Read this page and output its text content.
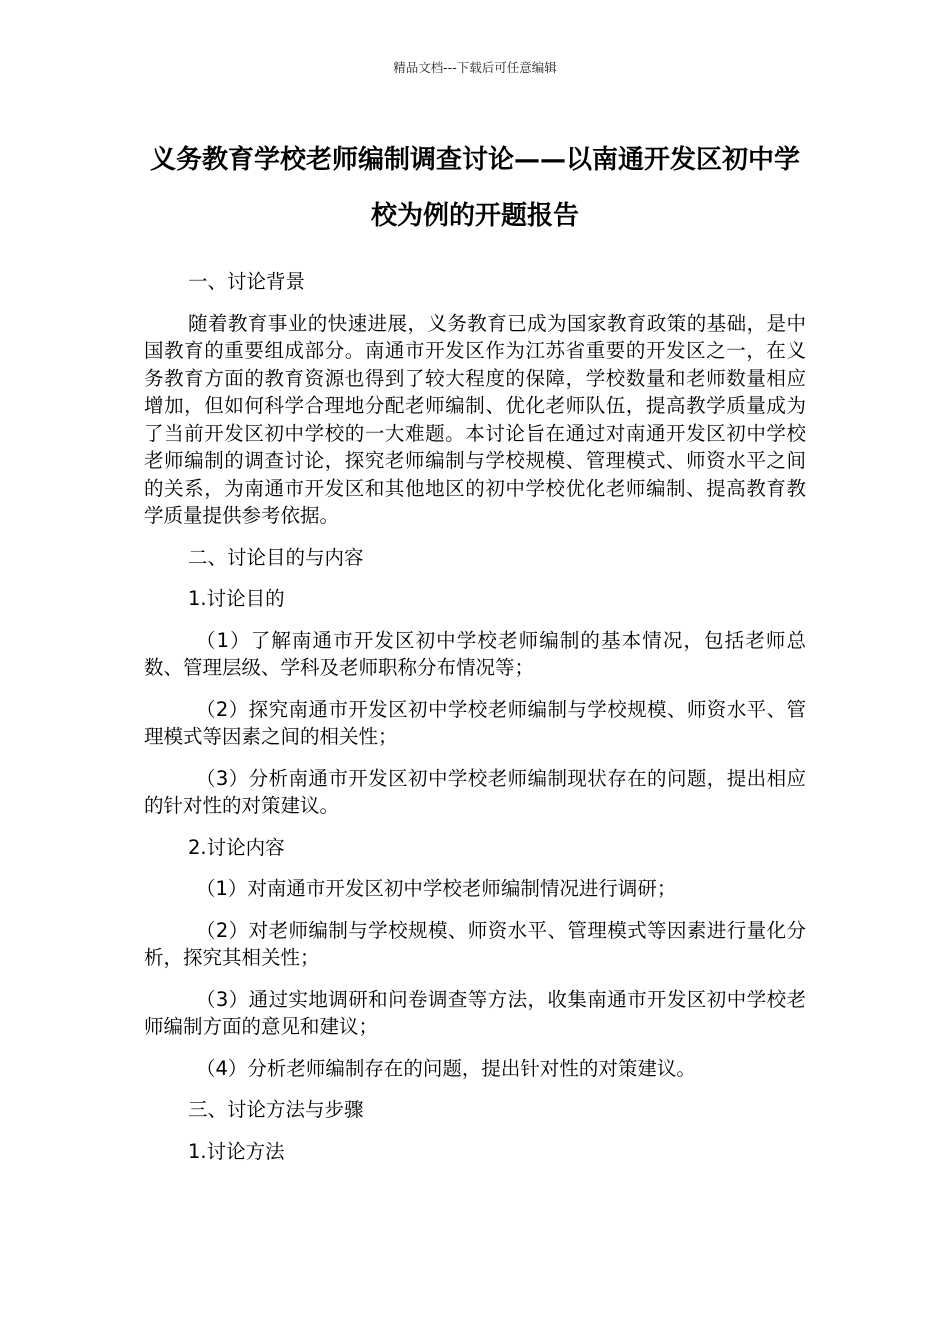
精品文档---下载后可任意编辑
义务教育学校老师编制调查讨论——以南通开发区初中学校为例的开题报告

一、讨论背景

随着教育事业的快速进展，义务教育已成为国家教育政策的基础，是中国教育的重要组成部分。南通市开发区作为江苏省重要的开发区之一，在义务教育方面的教育资源也得到了较大程度的保障，学校数量和老师数量相应增加，但如何科学合理地分配老师编制、优化老师队伍，提高教学质量成为了当前开发区初中学校的一大难题。本讨论旨在通过对南通开发区初中学校老师编制的调查讨论，探究老师编制与学校规模、管理模式、师资水平之间的关系，为南通市开发区和其他地区的初中学校优化老师编制、提高教育教学质量提供参考依据。

二、讨论目的与内容

1.讨论目的

（1）了解南通市开发区初中学校老师编制的基本情况，包括老师总数、管理层级、学科及老师职称分布情况等；

（2）探究南通市开发区初中学校老师编制与学校规模、师资水平、管理模式等因素之间的相关性；

（3）分析南通市开发区初中学校老师编制现状存在的问题，提出相应的针对性的对策建议。

2.讨论内容

（1）对南通市开发区初中学校老师编制情况进行调研；

（2）对老师编制与学校规模、师资水平、管理模式等因素进行量化分析，探究其相关性；

（3）通过实地调研和问卷调查等方法，收集南通市开发区初中学校老师编制方面的意见和建议；

（4）分析老师编制存在的问题，提出针对性的对策建议。

三、讨论方法与步骤

1.讨论方法
